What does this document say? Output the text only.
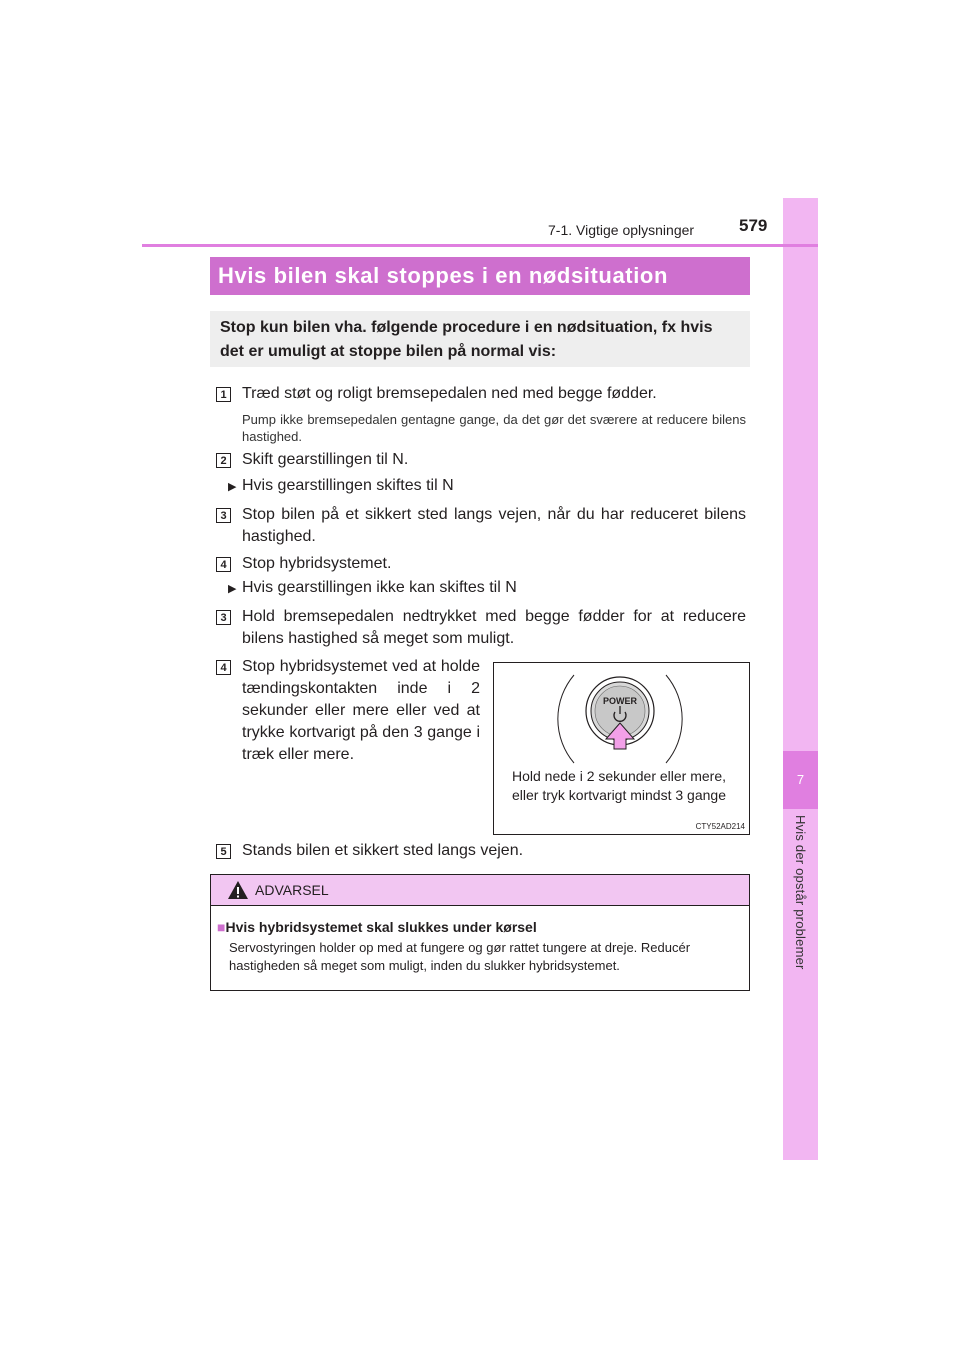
7
Hvis der opstår problemer
7-1. Vigtige oplysninger	579
Hvis bilen skal stoppes i en nødsituation
Stop kun bilen vha. følgende procedure i en nødsituation, fx hvis det er umuligt at stoppe bilen på normal vis:
1 Træd støt og roligt bremsepedalen ned med begge fødder.
Pump ikke bremsepedalen gentagne gange, da det gør det sværere at reducere bilens hastighed.
2 Skift gearstillingen til N.
▶ Hvis gearstillingen skiftes til N
3 Stop bilen på et sikkert sted langs vejen, når du har reduceret bilens hastighed.
4 Stop hybridsystemet.
▶ Hvis gearstillingen ikke kan skiftes til N
3 Hold bremsepedalen nedtrykket med begge fødder for at reducere bilens hastighed så meget som muligt.
4 Stop hybridsystemet ved at holde tændingskontakten inde i 2 sekunder eller mere eller ved at trykke kortvarigt på den 3 gange i træk eller mere.
POWER
Hold nede i 2 sekunder eller mere, eller tryk kortvarigt mindst 3 gange
CTY52AD214
5 Stands bilen et sikkert sted langs vejen.
ADVARSEL
■Hvis hybridsystemet skal slukkes under kørsel
Servostyringen holder op med at fungere og gør rattet tungere at dreje. Reducér hastigheden så meget som muligt, inden du slukker hybridsystemet.
